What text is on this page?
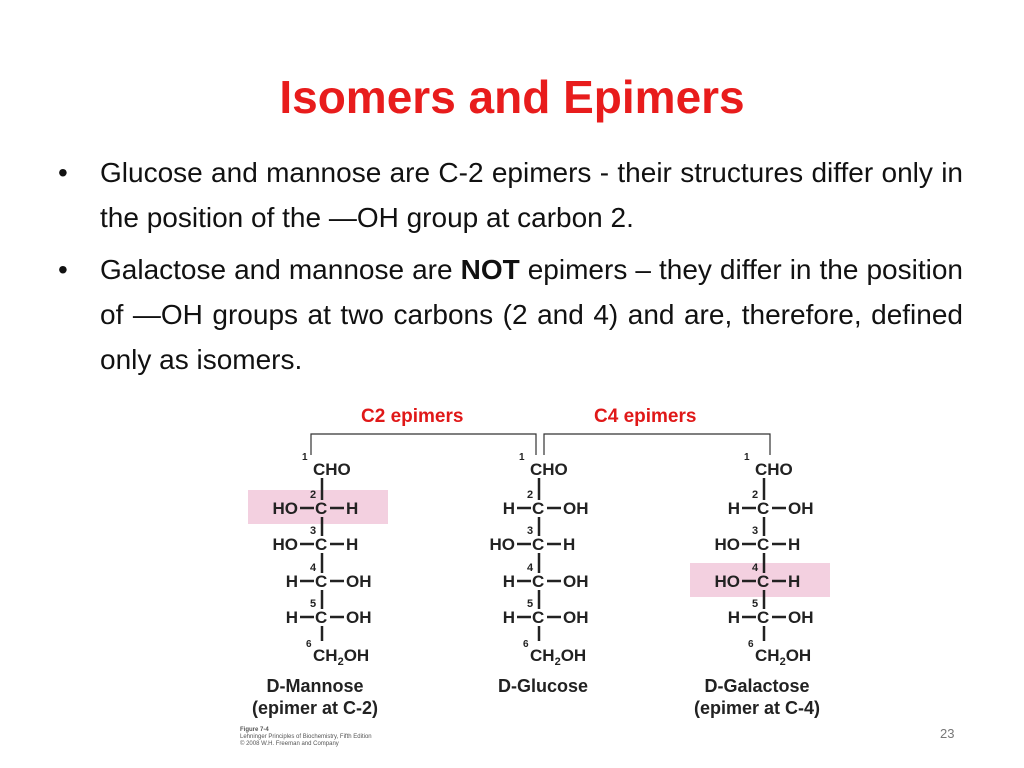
Isomers and Epimers
• Glucose and mannose are C-2 epimers - their structures differ only in the position of the —OH group at carbon 2.
• Galactose and mannose are NOT epimers – they differ in the position of —OH groups at two carbons (2 and 4) and are, therefore, defined only as isomers.
C2 epimers	C4 epimers
1
CHO
2
C
HO	H
3
C
HO	H
4
C
H	OH
5
C
H	OH
6
$CH_2OH$
1
CHO
2
C
H	OH
3
C
HO	H
4
C
H	OH
5
C
H	OH
6
$CH_2OH$
1
CHO
2
C
H	OH
3
C
HO	H
4
C
HO	H
5
C
H	OH
6
$CH_2OH$
D-Mannose
(epimer at C-2)
D-Glucose	D-Galactose
(epimer at C-4)
Figure 7-4
Lehninger Principles of Biochemistry, Fifth Edition
© 2008 W.H. Freeman and Company
23
